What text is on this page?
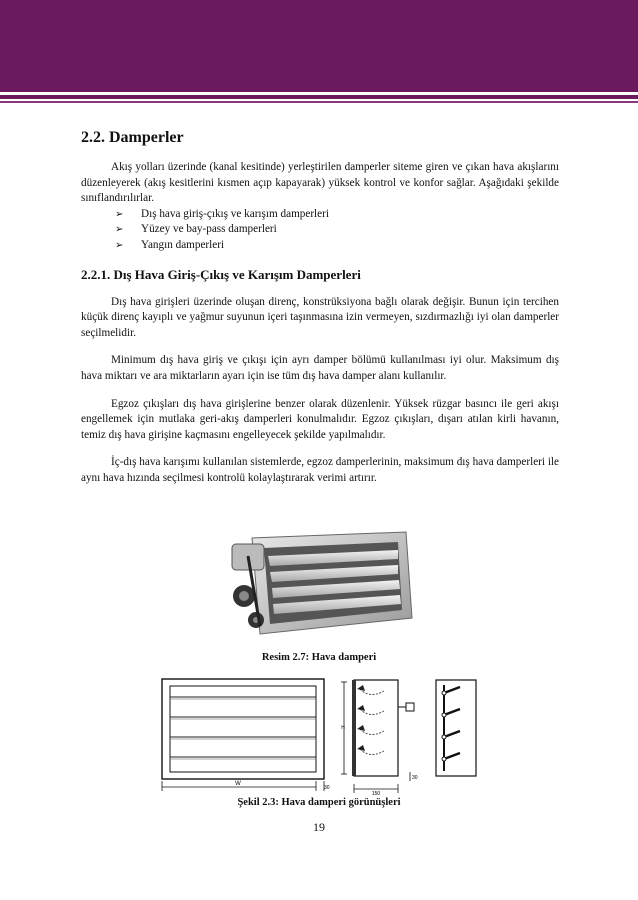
2.2. Damperler

Akış yolları üzerinde (kanal kesitinde) yerleştirilen damperler siteme giren ve çıkan hava akışlarını düzenleyerek (akış kesitlerini kısmen açıp kapayarak) yüksek kontrol ve konfor sağlar. Aşağıdaki şekilde sınıflandırılırlar.

➢ Dış hava giriş-çıkış ve karışım damperleri
➢ Yüzey ve bay-pass damperleri
➢ Yangın damperleri
2.2.1. Dış Hava Giriş-Çıkış ve Karışım Damperleri

Dış hava girişleri üzerinde oluşan direnç, konstrüksiyona bağlı olarak değişir. Bunun için tercihen küçük direnç kayıplı ve yağmur suyunun içeri taşınmasına izin vermeyen, sızdırmazlığı iyi olan damperler seçilmelidir.

Minimum dış hava giriş ve çıkışı için ayrı damper bölümü kullanılması iyi olur. Maksimum dış hava miktarı ve ara miktarların ayarı için ise tüm dış hava damper alanı kullanılır.

Egzoz çıkışları dış hava girişlerine benzer olarak düzenlenir. Yüksek rüzgar basıncı ile geri akışı engellemek için mutlaka geri-akış damperleri konulmalıdır. Egzoz çıkışları, dışarı atılan kirli havanın, temiz dış hava girişine kaçmasını engelleyecek şekilde yapılmalıdır.

İç-dış hava karışımı kullanılan sistemlerde, egzoz damperlerinin, maksimum dış hava damperleri ile aynı hava hızında seçilmesi kontrolü kolaylaştırarak verimi artırır.

Resim 2.7: Hava damperi
W
30
H
150
30
Şekil 2.3: Hava damperi görünüşleri
19
